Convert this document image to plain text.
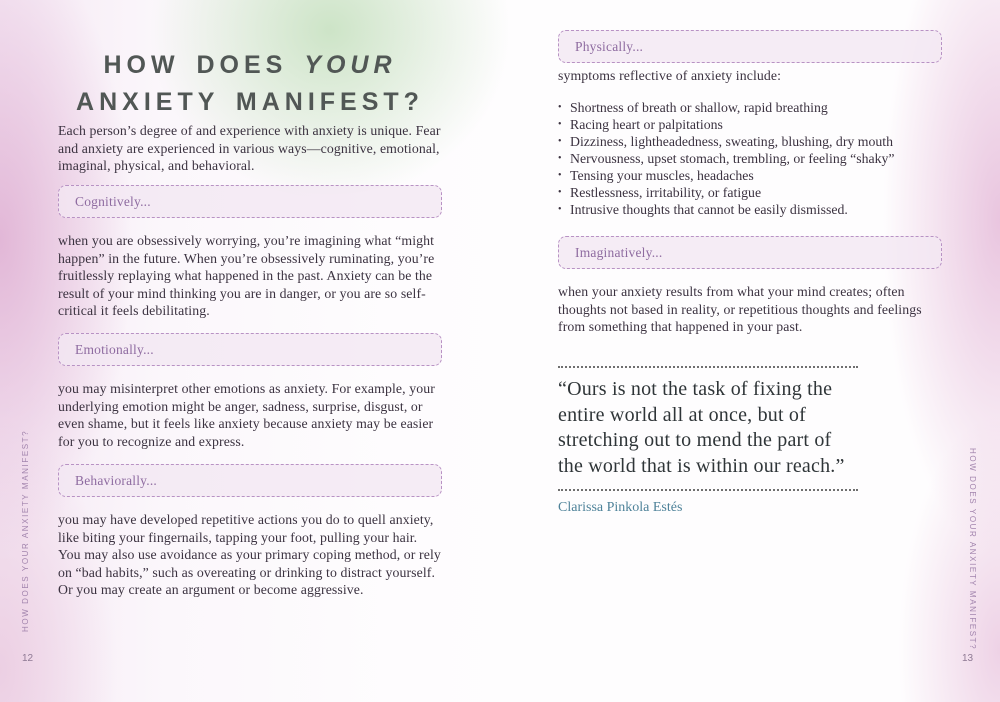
HOW DOES YOUR
ANXIETY MANIFEST?

Each person’s degree of and experience with anxiety is unique. Fear and anxiety are experienced in various ways—cognitive, emotional, imaginal, physical, and behavioral.

Cognitively...

when you are obsessively worrying, you’re imagining what “might happen” in the future. When you’re obsessively ruminating, you’re fruitlessly replaying what happened in the past. Anxiety can be the result of your mind thinking you are in danger, or you are so self-critical it feels debilitating.

Emotionally...

you may misinterpret other emotions as anxiety. For example, your underlying emotion might be anger, sadness, surprise, disgust, or even shame, but it feels like anxiety because anxiety may be easier for you to recognize and express.

Behaviorally...

you may have developed repetitive actions you do to quell anxiety, like biting your fingernails, tapping your foot, pulling your hair. You may also use avoidance as your primary coping method, or rely on “bad habits,” such as overeating or drinking to distract yourself. Or you may create an argument or become aggressive.

HOW DOES YOUR ANXIETY MANIFEST?
12
Physically...

symptoms reflective of anxiety include:

• Shortness of breath or shallow, rapid breathing
• Racing heart or palpitations
• Dizziness, lightheadedness, sweating, blushing, dry mouth
• Nervousness, upset stomach, trembling, or feeling “shaky”
• Tensing your muscles, headaches
• Restlessness, irritability, or fatigue
• Intrusive thoughts that cannot be easily dismissed.
Imaginatively...

when your anxiety results from what your mind creates; often thoughts not based in reality, or repetitious thoughts and feelings from something that happened in your past.

“Ours is not the task of fixing the entire world all at once, but of stretching out to mend the part of the world that is within our reach.”

Clarissa Pinkola Estés	HOW DOES YOUR ANXIETY MANIFEST?
13
